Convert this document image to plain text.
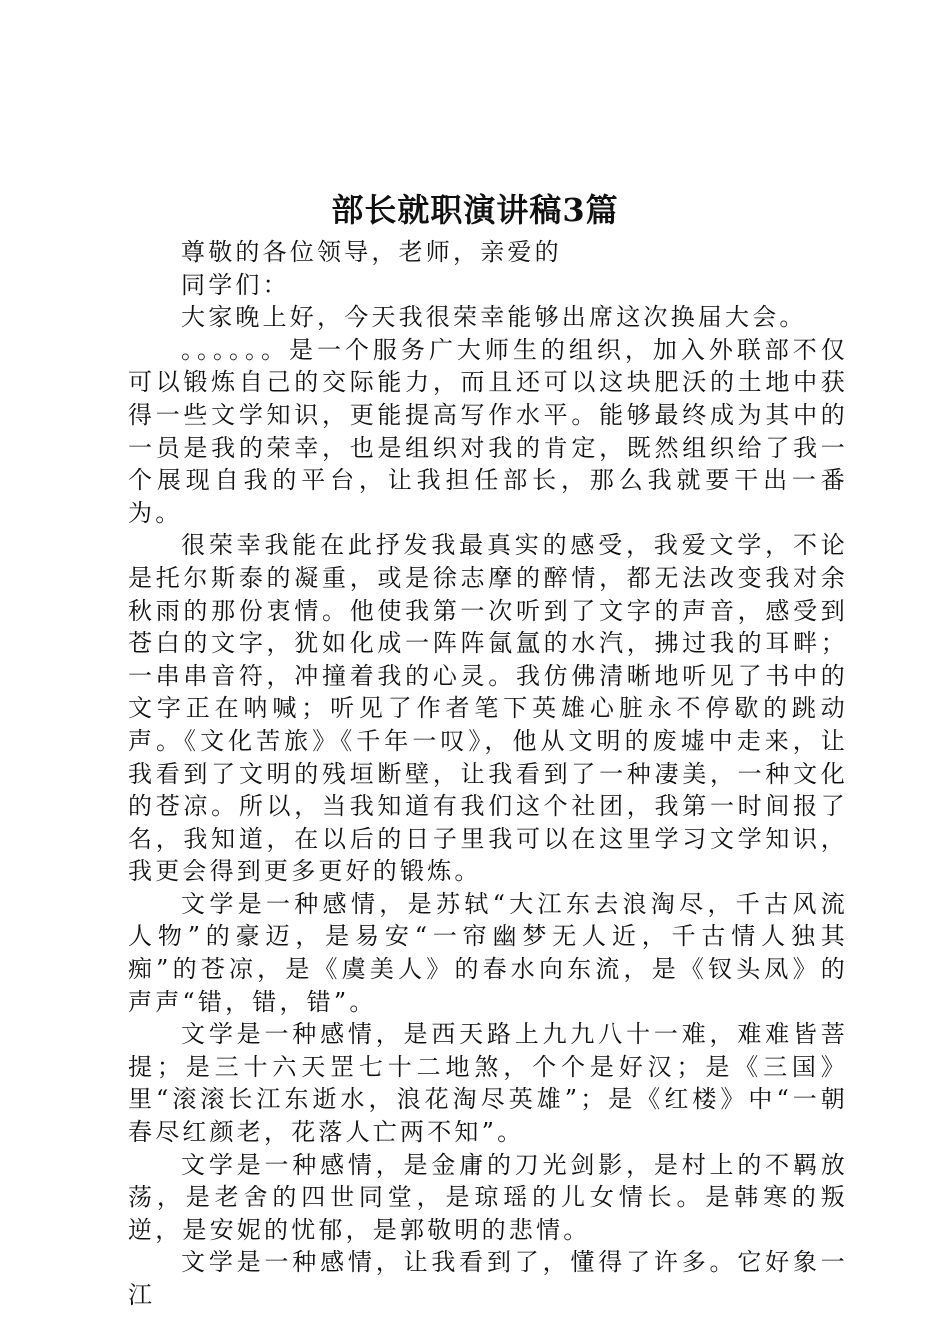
部长就职演讲稿3篇

尊敬的各位领导，老师，亲爱的

同学们：

大家晚上好，今天我很荣幸能够出席这次换届大会。

。。。。。。是一个服务广大师生的组织，加入外联部不仅可以锻炼自己的交际能力，而且还可以这块肥沃的土地中获得一些文学知识，更能提高写作水平。能够最终成为其中的一员是我的荣幸，也是组织对我的肯定，既然组织给了我一个展现自我的平台，让我担任部长，那么我就要干出一番为。

很荣幸我能在此抒发我最真实的感受，我爱文学，不论是托尔斯泰的凝重，或是徐志摩的醉情，都无法改变我对余秋雨的那份衷情。他使我第一次听到了文字的声音，感受到苍白的文字，犹如化成一阵阵氤氲的水汽，拂过我的耳畔；一串串音符，冲撞着我的心灵。我仿佛清晰地听见了书中的文字正在呐喊；听见了作者笔下英雄心脏永不停歇的跳动声。《文化苦旅》《千年一叹》，他从文明的废墟中走来，让我看到了文明的残垣断壁，让我看到了一种凄美，一种文化的苍凉。所以，当我知道有我们这个社团，我第一时间报了名，我知道，在以后的日子里我可以在这里学习文学知识，我更会得到更多更好的锻炼。

文学是一种感情，是苏轼“大江东去浪淘尽，千古风流人物”的豪迈，是易安“一帘幽梦无人近，千古情人独其痴”的苍凉，是《虞美人》的春水向东流，是《钗头凤》的声声“错，错，错”。

文学是一种感情，是西天路上九九八十一难，难难皆菩提；是三十六天罡七十二地煞，个个是好汉；是《三国》里“滚滚长江东逝水，浪花淘尽英雄”；是《红楼》中“一朝春尽红颜老，花落人亡两不知”。

文学是一种感情，是金庸的刀光剑影，是村上的不羁放荡，是老舍的四世同堂，是琼瑶的儿女情长。是韩寒的叛逆，是安妮的忧郁，是郭敬明的悲情。

文学是一种感情，让我看到了，懂得了许多。它好象一江
